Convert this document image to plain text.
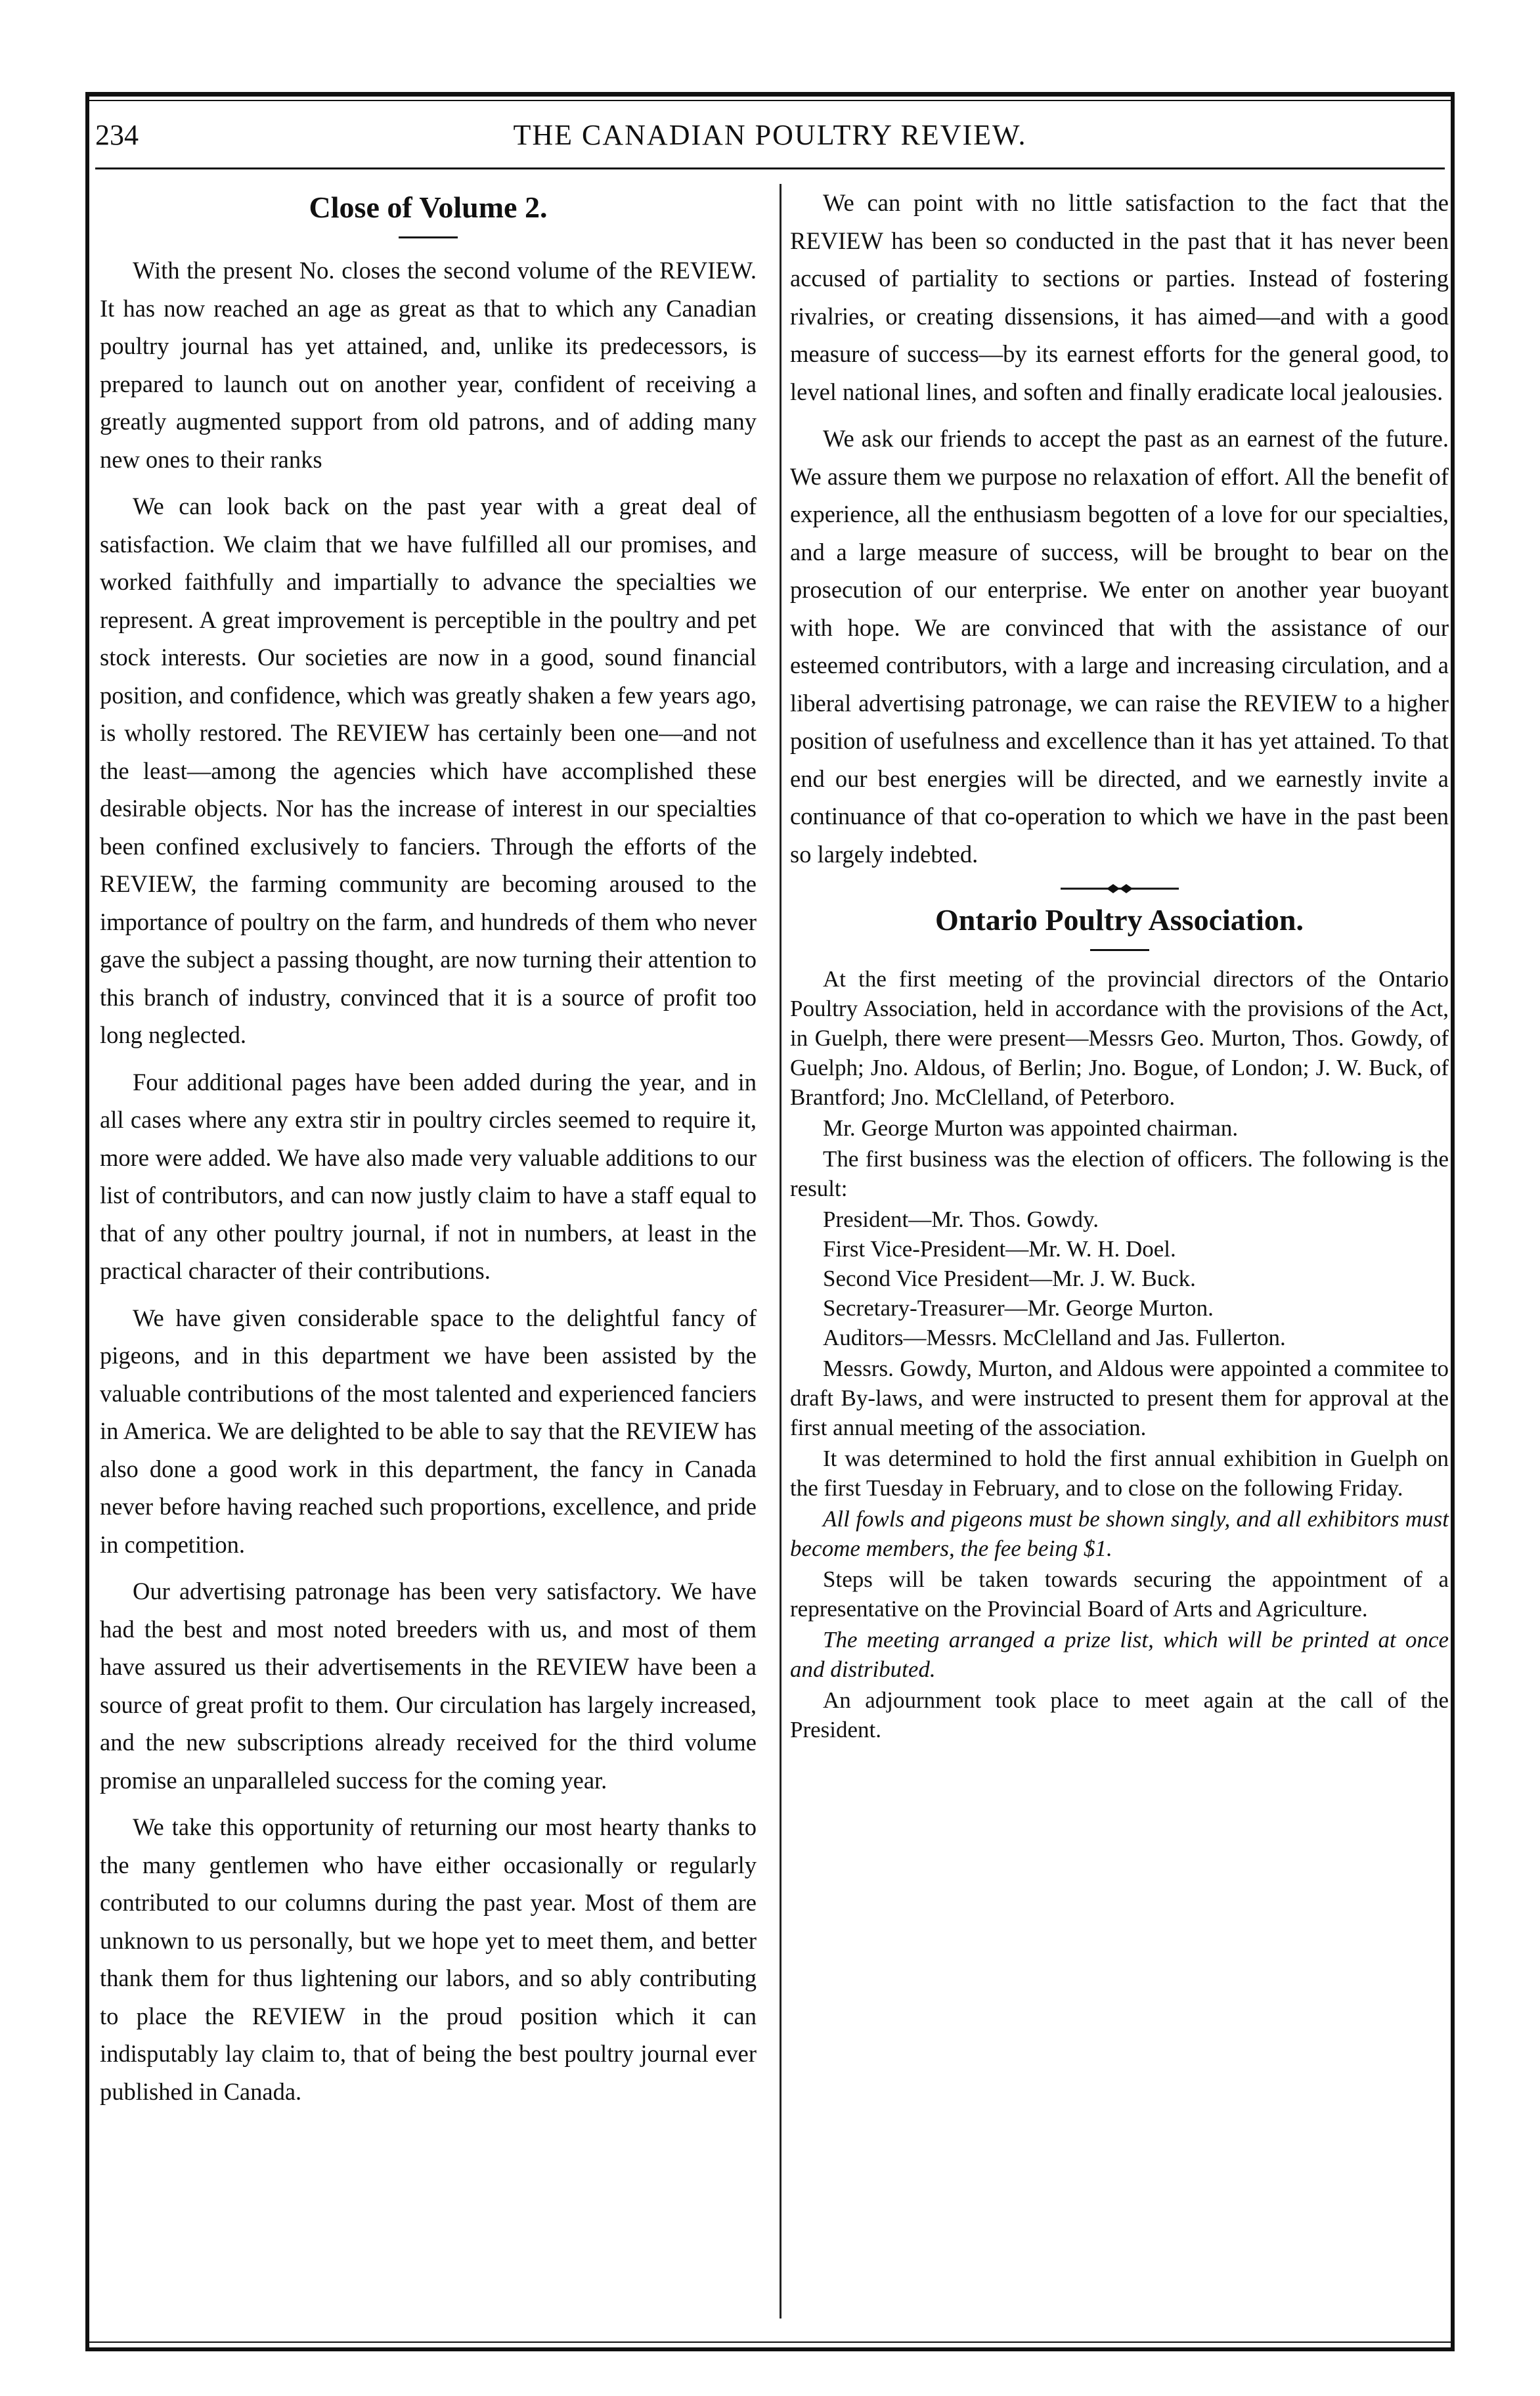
234	THE CANADIAN POULTRY REVIEW.
Close of Volume 2.

With the present No. closes the second volume of the REVIEW. It has now reached an age as great as that to which any Canadian poultry journal has yet attained, and, unlike its predecessors, is prepared to launch out on another year, confident of receiving a greatly augmented support from old patrons, and of adding many new ones to their ranks

We can look back on the past year with a great deal of satisfaction. We claim that we have fulfilled all our promises, and worked faithfully and impartially to advance the specialties we represent. A great improvement is perceptible in the poultry and pet stock interests. Our societies are now in a good, sound financial position, and confidence, which was greatly shaken a few years ago, is wholly restored. The REVIEW has certainly been one—and not the least—among the agencies which have accomplished these desirable objects. Nor has the increase of interest in our specialties been confined exclusively to fanciers. Through the efforts of the REVIEW, the farming community are becoming aroused to the importance of poultry on the farm, and hundreds of them who never gave the subject a passing thought, are now turning their attention to this branch of industry, convinced that it is a source of profit too long neglected.

Four additional pages have been added during the year, and in all cases where any extra stir in poultry circles seemed to require it, more were added. We have also made very valuable additions to our list of contributors, and can now justly claim to have a staff equal to that of any other poultry journal, if not in numbers, at least in the practical character of their contributions.

We have given considerable space to the delightful fancy of pigeons, and in this department we have been assisted by the valuable contributions of the most talented and experienced fanciers in America. We are delighted to be able to say that the REVIEW has also done a good work in this department, the fancy in Canada never before having reached such proportions, excellence, and pride in competition.

Our advertising patronage has been very satisfactory. We have had the best and most noted breeders with us, and most of them have assured us their advertisements in the REVIEW have been a source of great profit to them. Our circulation has largely increased, and the new subscriptions already received for the third volume promise an unparalleled success for the coming year.

We take this opportunity of returning our most hearty thanks to the many gentlemen who have either occasionally or regularly contributed to our columns during the past year. Most of them are unknown to us personally, but we hope yet to meet them, and better thank them for thus lightening our labors, and so ably contributing to place the REVIEW in the proud position which it can indisputably lay claim to, that of being the best poultry journal ever published in Canada.

We can point with no little satisfaction to the fact that the REVIEW has been so conducted in the past that it has never been accused of partiality to sections or parties. Instead of fostering rivalries, or creating dissensions, it has aimed—and with a good measure of success—by its earnest efforts for the general good, to level national lines, and soften and finally eradicate local jealousies.

We ask our friends to accept the past as an earnest of the future. We assure them we purpose no relaxation of effort. All the benefit of experience, all the enthusiasm begotten of a love for our specialties, and a large measure of success, will be brought to bear on the prosecution of our enterprise. We enter on another year buoyant with hope. We are convinced that with the assistance of our esteemed contributors, with a large and increasing circulation, and a liberal advertising patronage, we can raise the REVIEW to a higher position of usefulness and excellence than it has yet attained. To that end our best energies will be directed, and we earnestly invite a continuance of that co-operation to which we have in the past been so largely indebted.

Ontario Poultry Association.

At the first meeting of the provincial directors of the Ontario Poultry Association, held in accordance with the provisions of the Act, in Guelph, there were present—Messrs Geo. Murton, Thos. Gowdy, of Guelph; Jno. Aldous, of Berlin; Jno. Bogue, of London; J. W. Buck, of Brantford; Jno. McClelland, of Peterboro.

Mr. George Murton was appointed chairman.

The first business was the election of officers. The following is the result:

President—Mr. Thos. Gowdy.

First Vice-President—Mr. W. H. Doel.

Second Vice President—Mr. J. W. Buck.

Secretary-Treasurer—Mr. George Murton.

Auditors—Messrs. McClelland and Jas. Fullerton.

Messrs. Gowdy, Murton, and Aldous were appointed a commitee to draft By-laws, and were instructed to present them for approval at the first annual meeting of the association.

It was determined to hold the first annual exhibition in Guelph on the first Tuesday in February, and to close on the following Friday.

All fowls and pigeons must be shown singly, and all exhibitors must become members, the fee being $1.

Steps will be taken towards securing the appointment of a representative on the Provincial Board of Arts and Agriculture.

The meeting arranged a prize list, which will be printed at once and distributed.

An adjournment took place to meet again at the call of the President.
